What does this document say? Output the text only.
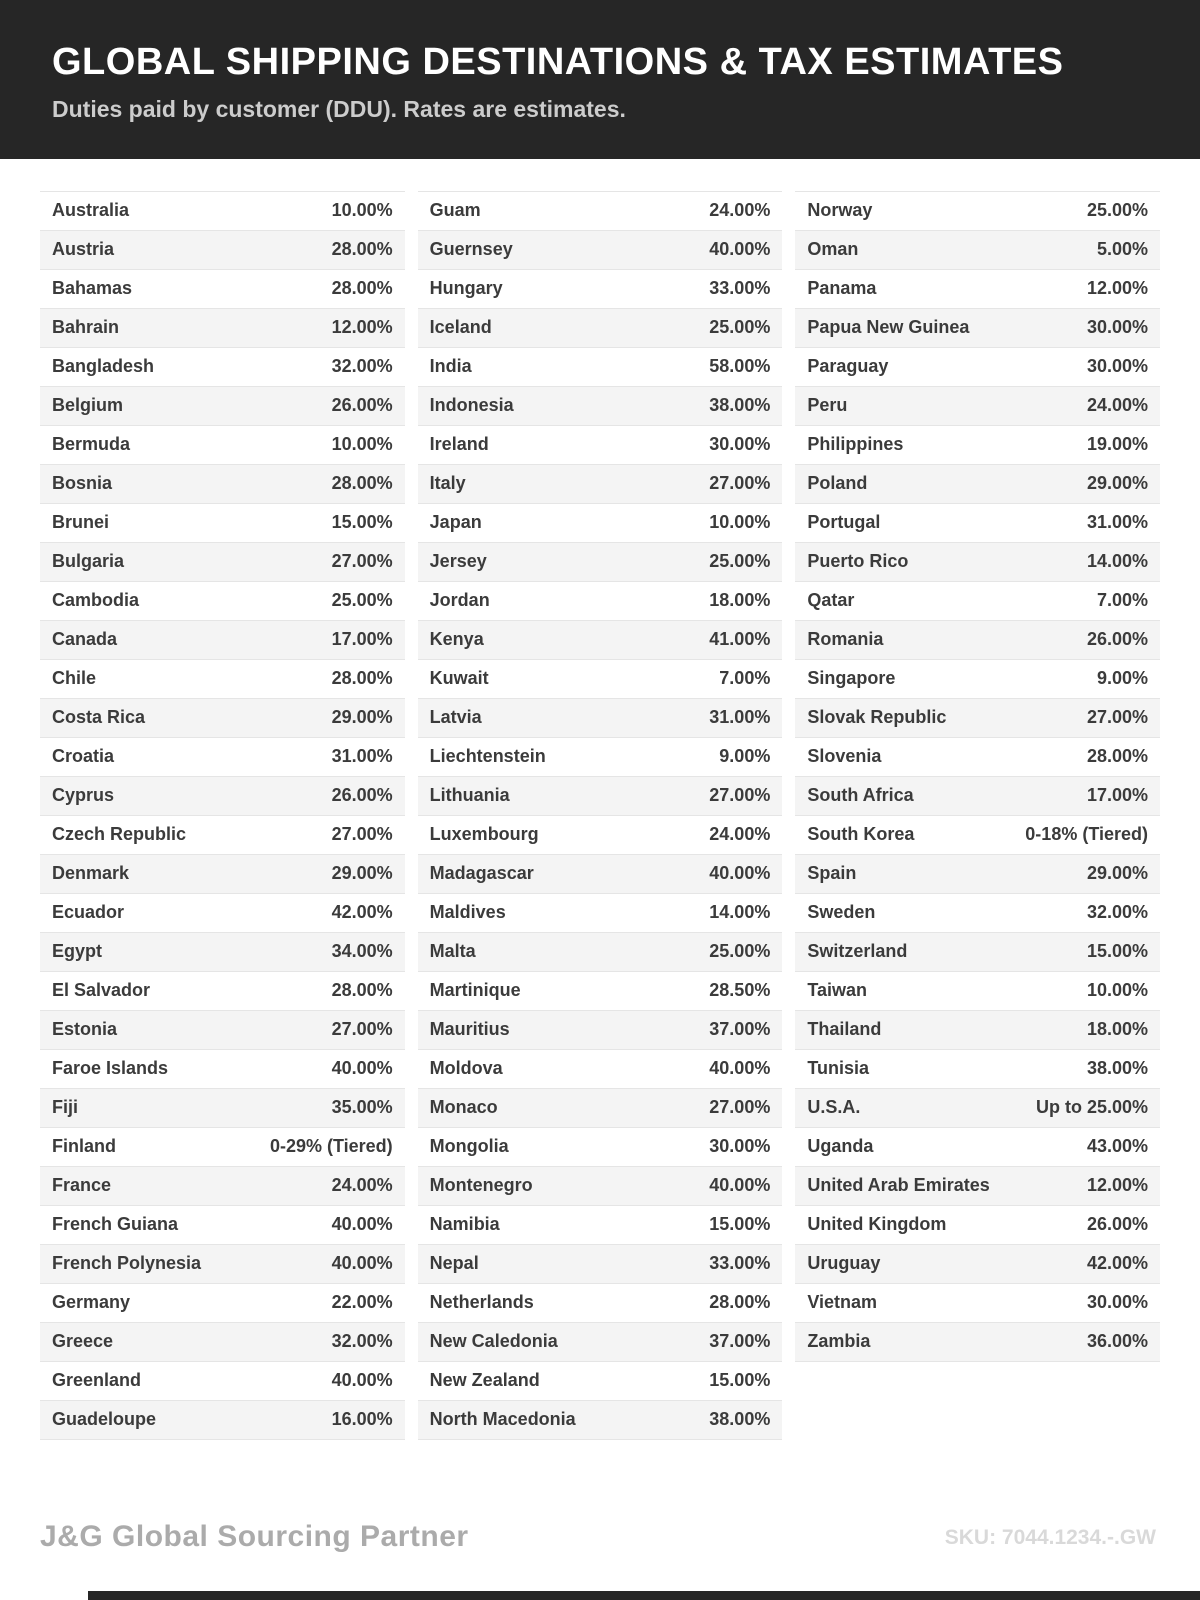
GLOBAL SHIPPING DESTINATIONS & TAX ESTIMATES

Duties paid by customer (DDU). Rates are estimates.

Australia	10.00%
Austria	28.00%
Bahamas	28.00%
Bahrain	12.00%
Bangladesh	32.00%
Belgium	26.00%
Bermuda	10.00%
Bosnia	28.00%
Brunei	15.00%
Bulgaria	27.00%
Cambodia	25.00%
Canada	17.00%
Chile	28.00%
Costa Rica	29.00%
Croatia	31.00%
Cyprus	26.00%
Czech Republic	27.00%
Denmark	29.00%
Ecuador	42.00%
Egypt	34.00%
El Salvador	28.00%
Estonia	27.00%
Faroe Islands	40.00%
Fiji	35.00%
Finland	0-29% (Tiered)
France	24.00%
French Guiana	40.00%
French Polynesia	40.00%
Germany	22.00%
Greece	32.00%
Greenland	40.00%
Guadeloupe	16.00%
Guam	24.00%
Guernsey	40.00%
Hungary	33.00%
Iceland	25.00%
India	58.00%
Indonesia	38.00%
Ireland	30.00%
Italy	27.00%
Japan	10.00%
Jersey	25.00%
Jordan	18.00%
Kenya	41.00%
Kuwait	7.00%
Latvia	31.00%
Liechtenstein	9.00%
Lithuania	27.00%
Luxembourg	24.00%
Madagascar	40.00%
Maldives	14.00%
Malta	25.00%
Martinique	28.50%
Mauritius	37.00%
Moldova	40.00%
Monaco	27.00%
Mongolia	30.00%
Montenegro	40.00%
Namibia	15.00%
Nepal	33.00%
Netherlands	28.00%
New Caledonia	37.00%
New Zealand	15.00%
North Macedonia	38.00%
Norway	25.00%
Oman	5.00%
Panama	12.00%
Papua New Guinea	30.00%
Paraguay	30.00%
Peru	24.00%
Philippines	19.00%
Poland	29.00%
Portugal	31.00%
Puerto Rico	14.00%
Qatar	7.00%
Romania	26.00%
Singapore	9.00%
Slovak Republic	27.00%
Slovenia	28.00%
South Africa	17.00%
South Korea	0-18% (Tiered)
Spain	29.00%
Sweden	32.00%
Switzerland	15.00%
Taiwan	10.00%
Thailand	18.00%
Tunisia	38.00%
U.S.A.	Up to 25.00%
Uganda	43.00%
United Arab Emirates	12.00%
United Kingdom	26.00%
Uruguay	42.00%
Vietnam	30.00%
Zambia	36.00%
J&G Global Sourcing Partner	SKU: 7044.1234.-.GW
